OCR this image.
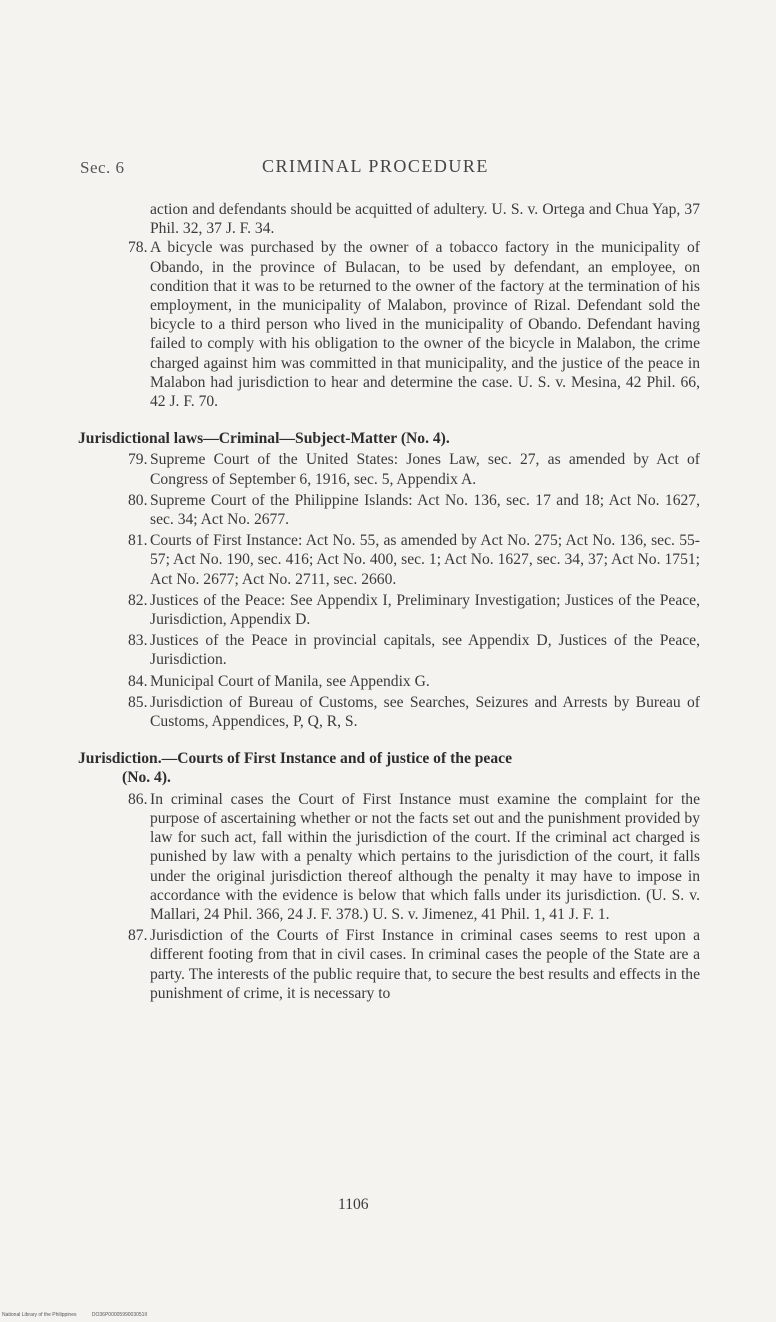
Sec. 6	CRIMINAL PROCEDURE

action and defendants should be acquitted of adultery. U. S. v. Ortega and Chua Yap, 37 Phil. 32, 37 J. F. 34.

78. A bicycle was purchased by the owner of a tobacco factory in the municipality of Obando, in the province of Bulacan, to be used by defendant, an employee, on condition that it was to be returned to the owner of the factory at the termination of his employment, in the municipality of Malabon, province of Rizal. Defendant sold the bicycle to a third person who lived in the municipality of Obando. Defendant having failed to comply with his obligation to the owner of the bicycle in Malabon, the crime charged against him was committed in that municipality, and the justice of the peace in Malabon had jurisdiction to hear and determine the case. U. S. v. Mesina, 42 Phil. 66, 42 J. F. 70.

Jurisdictional laws—Criminal—Subject-Matter (No. 4).

79. Supreme Court of the United States: Jones Law, sec. 27, as amended by Act of Congress of September 6, 1916, sec. 5, Appendix A.

80. Supreme Court of the Philippine Islands: Act No. 136, sec. 17 and 18; Act No. 1627, sec. 34; Act No. 2677.

81. Courts of First Instance: Act No. 55, as amended by Act No. 275; Act No. 136, sec. 55-57; Act No. 190, sec. 416; Act No. 400, sec. 1; Act No. 1627, sec. 34, 37; Act No. 1751; Act No. 2677; Act No. 2711, sec. 2660.

82. Justices of the Peace: See Appendix I, Preliminary Investigation; Justices of the Peace, Jurisdiction, Appendix D.

83. Justices of the Peace in provincial capitals, see Appendix D, Justices of the Peace, Jurisdiction.

84. Municipal Court of Manila, see Appendix G.

85. Jurisdiction of Bureau of Customs, see Searches, Seizures and Arrests by Bureau of Customs, Appendices, P, Q, R, S.

Jurisdiction.—Courts of First Instance and of justice of the peace
(No. 4).

86. In criminal cases the Court of First Instance must examine the complaint for the purpose of ascertaining whether or not the facts set out and the punishment provided by law for such act, fall within the jurisdiction of the court. If the criminal act charged is punished by law with a penalty which pertains to the jurisdiction of the court, it falls under the original jurisdiction thereof although the penalty it may have to impose in accordance with the evidence is below that which falls under its jurisdiction. (U. S. v. Mallari, 24 Phil. 366, 24 J. F. 378.) U. S. v. Jimenez, 41 Phil. 1, 41 J. F. 1.

87. Jurisdiction of the Courts of First Instance in criminal cases seems to rest upon a different footing from that in civil cases. In criminal cases the people of the State are a party. The interests of the public require that, to secure the best results and effects in the punishment of crime, it is necessary to

1106
National Library of the Philippines	DO36P0000599003051II
